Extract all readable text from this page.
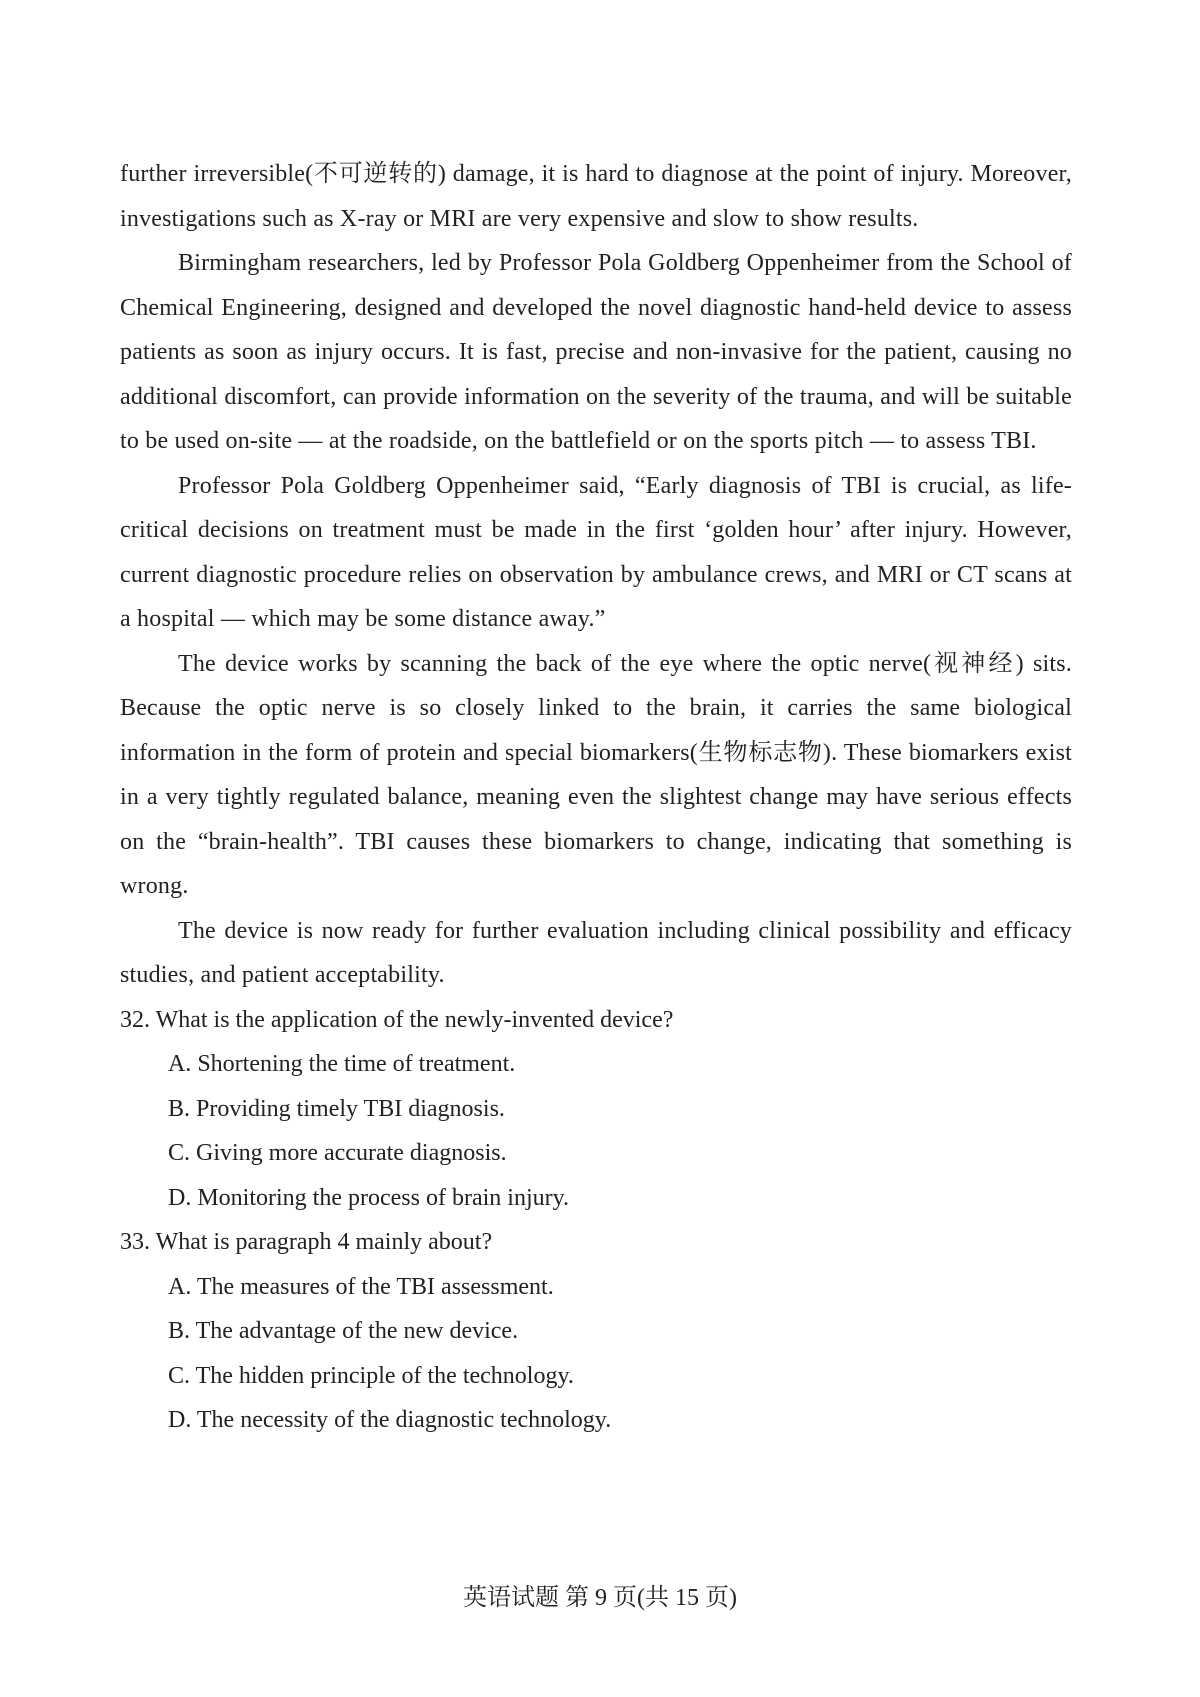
further irreversible(不可逆转的) damage, it is hard to diagnose at the point of injury. Moreover, investigations such as X-ray or MRI are very expensive and slow to show results.

Birmingham researchers, led by Professor Pola Goldberg Oppenheimer from the School of Chemical Engineering, designed and developed the novel diagnostic hand-held device to assess patients as soon as injury occurs. It is fast, precise and non-invasive for the patient, causing no additional discomfort, can provide information on the severity of the trauma, and will be suitable to be used on-site — at the roadside, on the battlefield or on the sports pitch — to assess TBI.

Professor Pola Goldberg Oppenheimer said, “Early diagnosis of TBI is crucial, as life-critical decisions on treatment must be made in the first ‘golden hour’ after injury. However, current diagnostic procedure relies on observation by ambulance crews, and MRI or CT scans at a hospital — which may be some distance away.”

The device works by scanning the back of the eye where the optic nerve(视神经) sits. Because the optic nerve is so closely linked to the brain, it carries the same biological information in the form of protein and special biomarkers(生物标志物). These biomarkers exist in a very tightly regulated balance, meaning even the slightest change may have serious effects on the “brain-health”. TBI causes these biomarkers to change, indicating that something is wrong.

The device is now ready for further evaluation including clinical possibility and efficacy studies, and patient acceptability.

32. What is the application of the newly-invented device?

A. Shortening the time of treatment.

B. Providing timely TBI diagnosis.

C. Giving more accurate diagnosis.

D. Monitoring the process of brain injury.

33. What is paragraph 4 mainly about?

A. The measures of the TBI assessment.

B. The advantage of the new device.

C. The hidden principle of the technology.

D. The necessity of the diagnostic technology.

英语试题 第 9 页(共 15 页)
